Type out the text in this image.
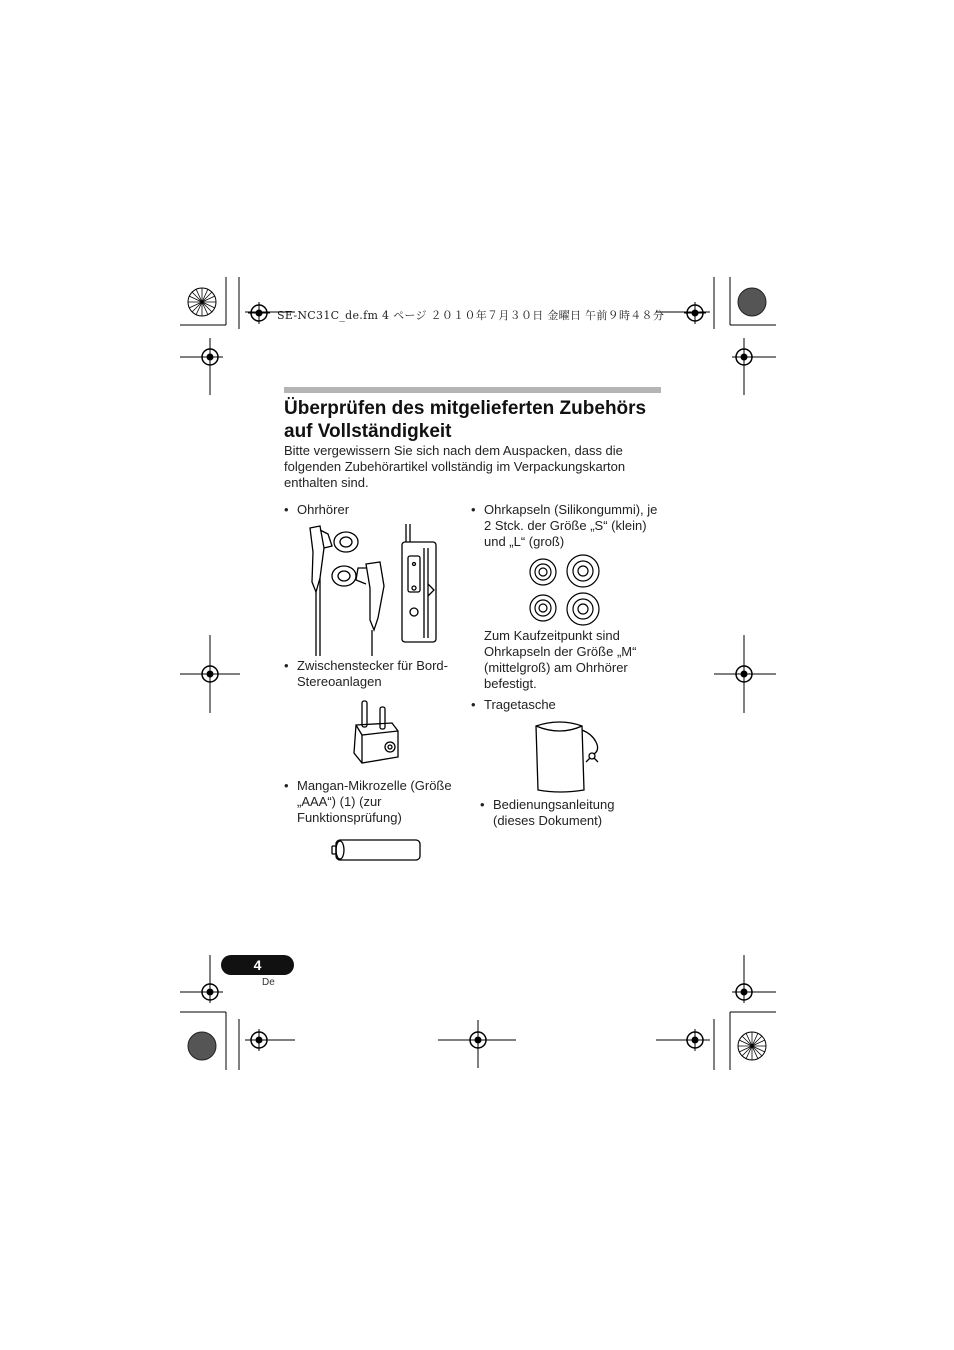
SE-NC31C_de.fm 4 ページ ２０１０年７月３０日 金曜日 午前９時４８分
Überprüfen des mitgelieferten Zubehörs auf Vollständigkeit

Bitte vergewissern Sie sich nach dem Auspacken, dass die folgenden Zubehörartikel vollständig im Verpackungskarton enthalten sind.

• Ohrhörer
• Zwischenstecker für Bord-Stereoanlagen
• Mangan-Mikrozelle (Größe „AAA“) (1) (zur Funktionsprüfung)
• Ohrkapseln (Silikongummi), je 2 Stck. der Größe „S“ (klein) und „L“ (groß)

Zum Kaufzeitpunkt sind Ohrkapseln der Größe „M“ (mittelgroß) am Ohrhörer befestigt.

• Tragetasche
• Bedienungsanleitung (dieses Dokument)
4
De
